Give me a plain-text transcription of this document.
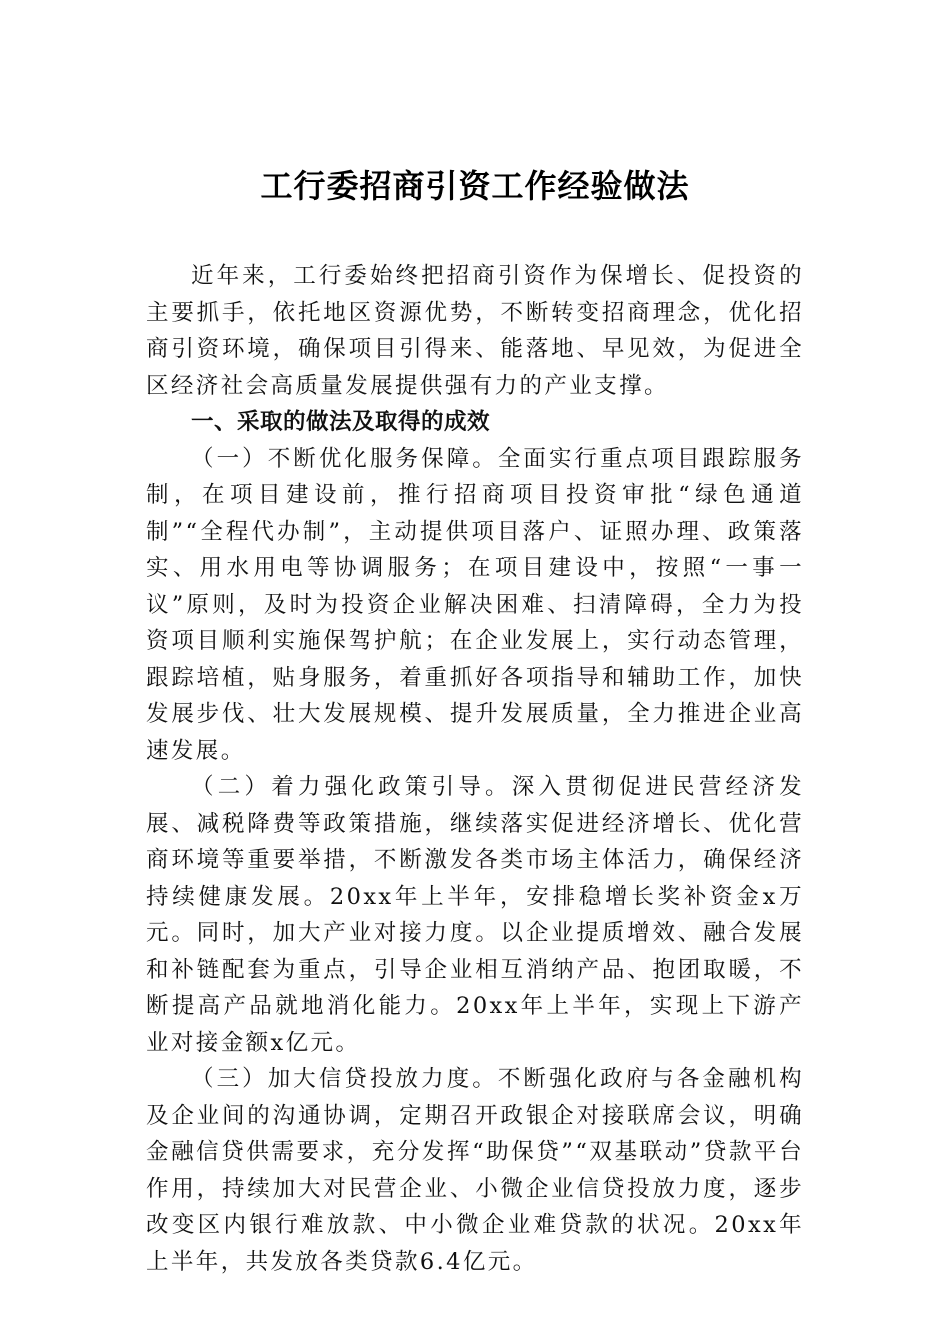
工行委招商引资工作经验做法

近年来，工行委始终把招商引资作为保增长、促投资的主要抓手，依托地区资源优势，不断转变招商理念，优化招商引资环境，确保项目引得来、能落地、早见效，为促进全区经济社会高质量发展提供强有力的产业支撑。

一、采取的做法及取得的成效

（一）不断优化服务保障。全面实行重点项目跟踪服务制，在项目建设前，推行招商项目投资审批“绿色通道制”“全程代办制”，主动提供项目落户、证照办理、政策落实、用水用电等协调服务；在项目建设中，按照“一事一议”原则，及时为投资企业解决困难、扫清障碍，全力为投资项目顺利实施保驾护航；在企业发展上，实行动态管理，跟踪培植，贴身服务，着重抓好各项指导和辅助工作，加快发展步伐、壮大发展规模、提升发展质量，全力推进企业高速发展。

（二）着力强化政策引导。深入贯彻促进民营经济发展、减税降费等政策措施，继续落实促进经济增长、优化营商环境等重要举措，不断激发各类市场主体活力，确保经济持续健康发展。20xx年上半年，安排稳增长奖补资金x万元。同时，加大产业对接力度。以企业提质增效、融合发展和补链配套为重点，引导企业相互消纳产品、抱团取暖，不断提高产品就地消化能力。20xx年上半年，实现上下游产业对接金额x亿元。

（三）加大信贷投放力度。不断强化政府与各金融机构及企业间的沟通协调，定期召开政银企对接联席会议，明确金融信贷供需要求，充分发挥“助保贷”“双基联动”贷款平台作用，持续加大对民营企业、小微企业信贷投放力度，逐步改变区内银行难放款、中小微企业难贷款的状况。20xx年上半年，共发放各类贷款6.4亿元。
